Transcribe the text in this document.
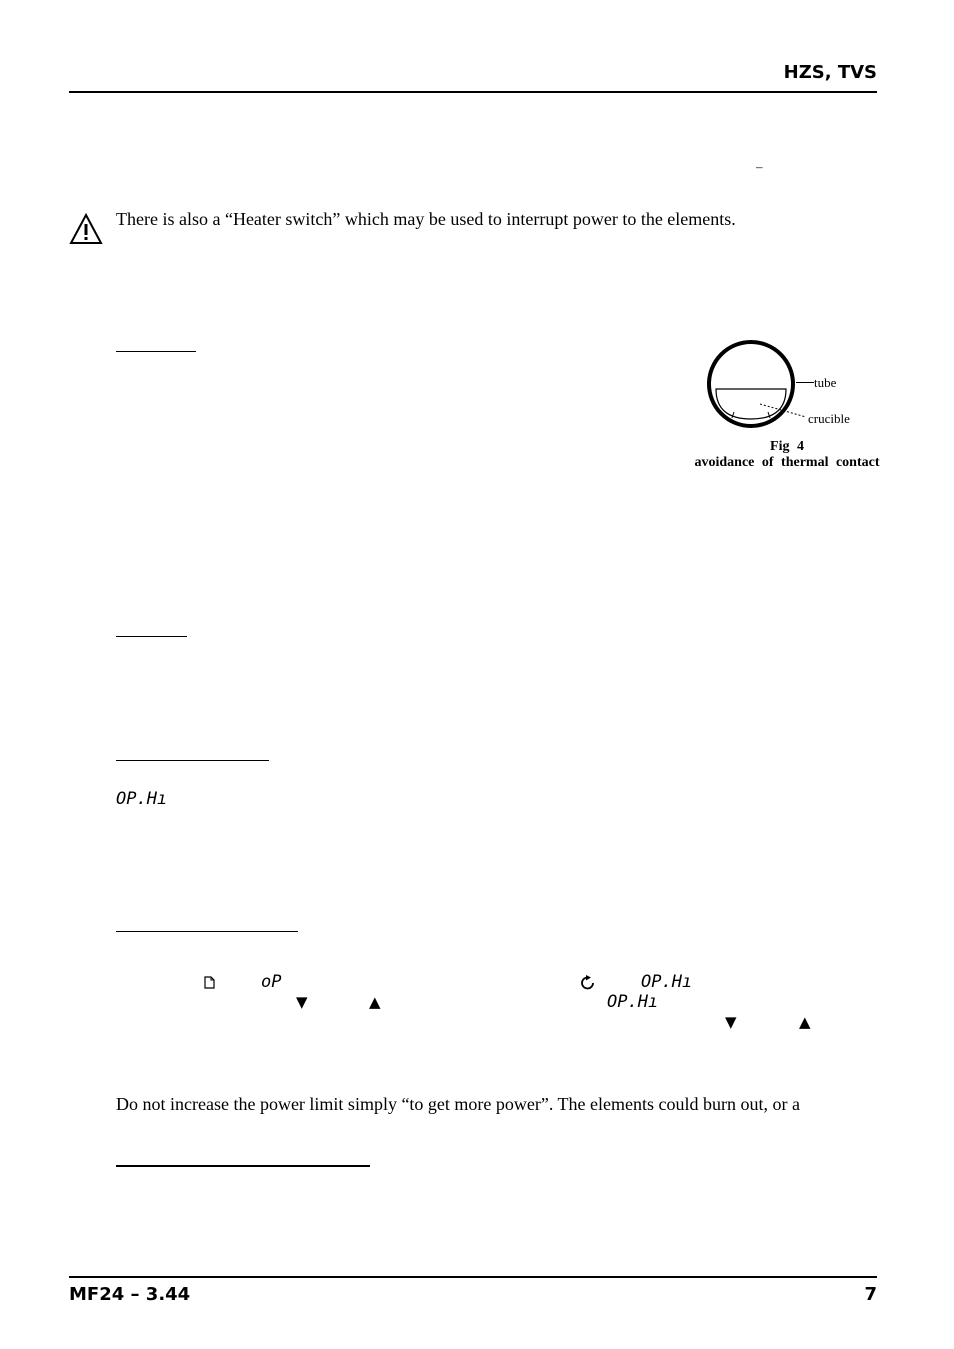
HZS, TVS
–
There is also a “Heater switch” which may be used to interrupt power to the elements.
tube
crucible
Fig 4
avoidance of thermal contact
OP.Hı
oP	OP.Hı
▼	▲	OP.Hı
▼	▲
Do not increase the power limit simply “to get more power”. The elements could burn out, or a
MF24 – 3.44	7
